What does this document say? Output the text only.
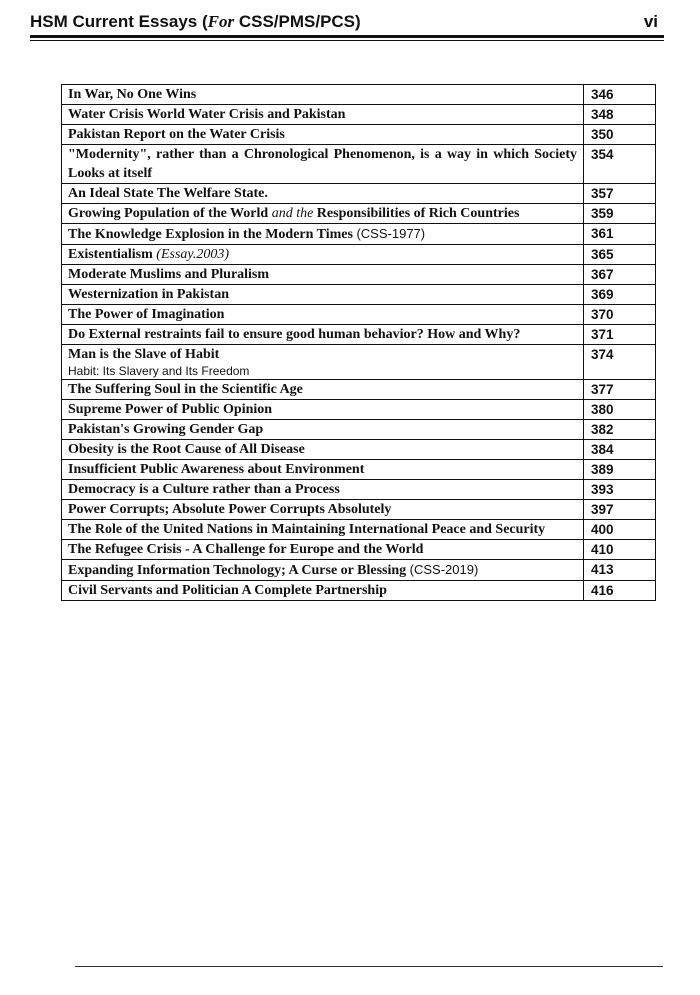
HSM Current Essays (For CSS/PMS/PCS)	vi
In War, No One Wins	346
Water Crisis World Water Crisis and Pakistan	348
Pakistan Report on the Water Crisis	350
"Modernity", rather than a Chronological Phenomenon, is a way in which Society Looks at itself	354
An Ideal State The Welfare State.	357
Growing Population of the World and the Responsibilities of Rich Countries	359
The Knowledge Explosion in the Modern Times (CSS-1977)	361
Existentialism (Essay.2003)	365
Moderate Muslims and Pluralism	367
Westernization in Pakistan	369
The Power of Imagination	370
Do External restraints fail to ensure good human behavior? How and Why?	371
Man is the Slave of Habit
Habit: Its Slavery and Its Freedom	374
The Suffering Soul in the Scientific Age	377
Supreme Power of Public Opinion	380
Pakistan's Growing Gender Gap	382
Obesity is the Root Cause of All Disease	384
Insufficient Public Awareness about Environment	389
Democracy is a Culture rather than a Process	393
Power Corrupts; Absolute Power Corrupts Absolutely	397
The Role of the United Nations in Maintaining International Peace and Security	400
The Refugee Crisis - A Challenge for Europe and the World	410
Expanding Information Technology; A Curse or Blessing (CSS-2019)	413
Civil Servants and Politician A Complete Partnership	416
